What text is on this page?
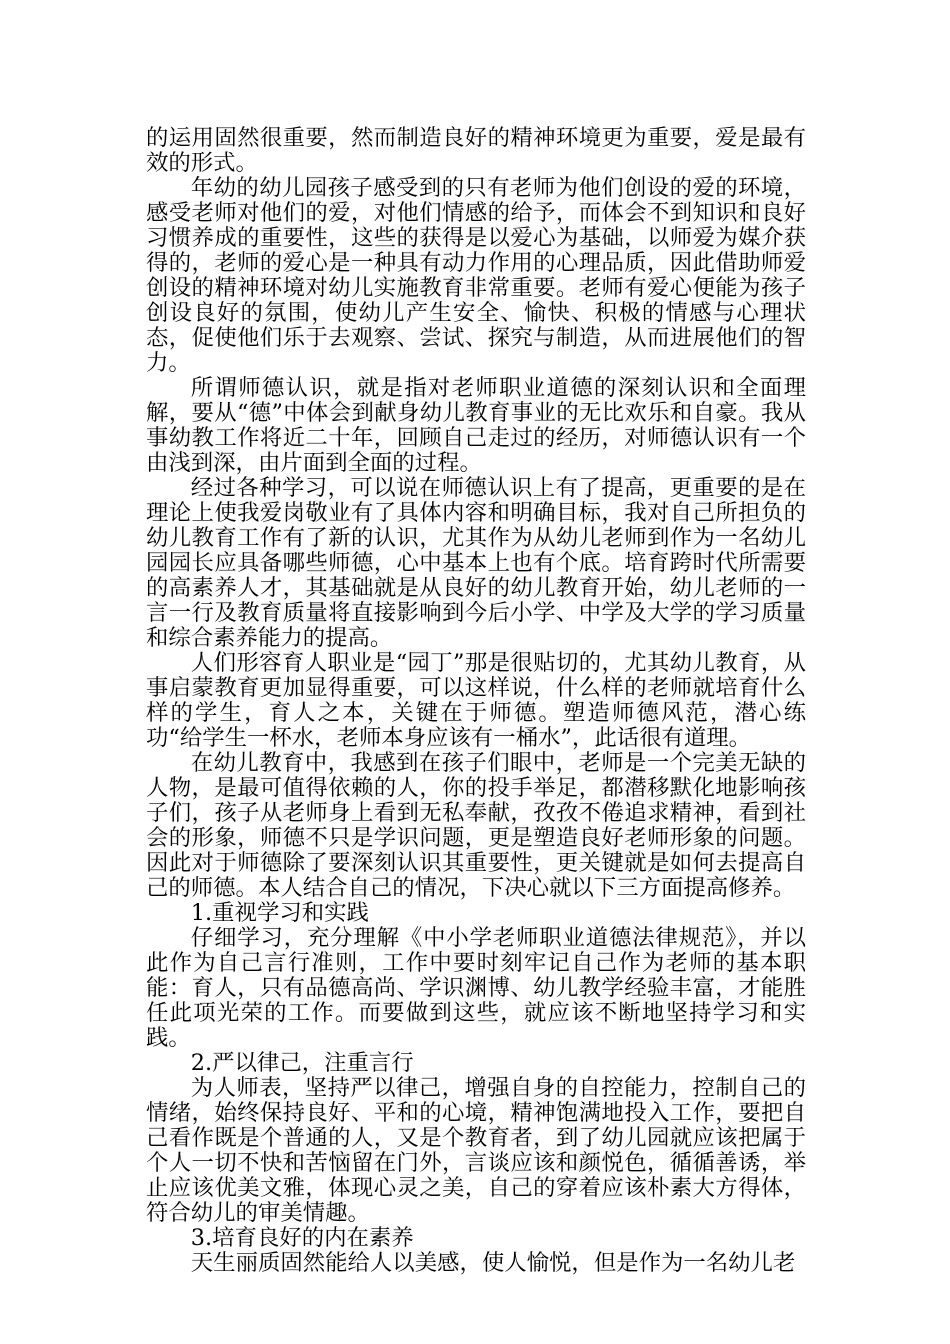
的运用固然很重要，然而制造良好的精神环境更为重要，爱是最有效的形式。

年幼的幼儿园孩子感受到的只有老师为他们创设的爱的环境，感受老师对他们的爱，对他们情感的给予，而体会不到知识和良好习惯养成的重要性，这些的获得是以爱心为基础，以师爱为媒介获得的，老师的爱心是一种具有动力作用的心理品质，因此借助师爱创设的精神环境对幼儿实施教育非常重要。老师有爱心便能为孩子创设良好的氛围，使幼儿产生安全、愉快、积极的情感与心理状态，促使他们乐于去观察、尝试、探究与制造，从而进展他们的智力。

所谓师德认识，就是指对老师职业道德的深刻认识和全面理解，要从“德”中体会到献身幼儿教育事业的无比欢乐和自豪。我从事幼教工作将近二十年，回顾自己走过的经历，对师德认识有一个由浅到深，由片面到全面的过程。

经过各种学习，可以说在师德认识上有了提高，更重要的是在理论上使我爱岗敬业有了具体内容和明确目标，我对自己所担负的幼儿教育工作有了新的认识，尤其作为从幼儿老师到作为一名幼儿园园长应具备哪些师德，心中基本上也有个底。培育跨时代所需要的高素养人才，其基础就是从良好的幼儿教育开始，幼儿老师的一言一行及教育质量将直接影响到今后小学、中学及大学的学习质量和综合素养能力的提高。

人们形容育人职业是“园丁”那是很贴切的，尤其幼儿教育，从事启蒙教育更加显得重要，可以这样说，什么样的老师就培育什么样的学生，育人之本，关键在于师德。塑造师德风范，潜心练功“给学生一杯水，老师本身应该有一桶水”，此话很有道理。

在幼儿教育中，我感到在孩子们眼中，老师是一个完美无缺的人物，是最可值得依赖的人，你的投手举足，都潜移默化地影响孩子们，孩子从老师身上看到无私奉献，孜孜不倦追求精神，看到社会的形象，师德不只是学识问题，更是塑造良好老师形象的问题。因此对于师德除了要深刻认识其重要性，更关键就是如何去提高自己的师德。本人结合自己的情况，下决心就以下三方面提高修养。

1.重视学习和实践

仔细学习，充分理解《中小学老师职业道德法律规范》，并以此作为自己言行准则，工作中要时刻牢记自己作为老师的基本职能：育人，只有品德高尚、学识渊博、幼儿教学经验丰富，才能胜任此项光荣的工作。而要做到这些，就应该不断地坚持学习和实践。

2.严以律己，注重言行

为人师表，坚持严以律己，增强自身的自控能力，控制自己的情绪，始终保持良好、平和的心境，精神饱满地投入工作，要把自己看作既是个普通的人，又是个教育者，到了幼儿园就应该把属于个人一切不快和苦恼留在门外，言谈应该和颜悦色，循循善诱，举止应该优美文雅，体现心灵之美，自己的穿着应该朴素大方得体，符合幼儿的审美情趣。

3.培育良好的内在素养

天生丽质固然能给人以美感，使人愉悦，但是作为一名幼儿老
